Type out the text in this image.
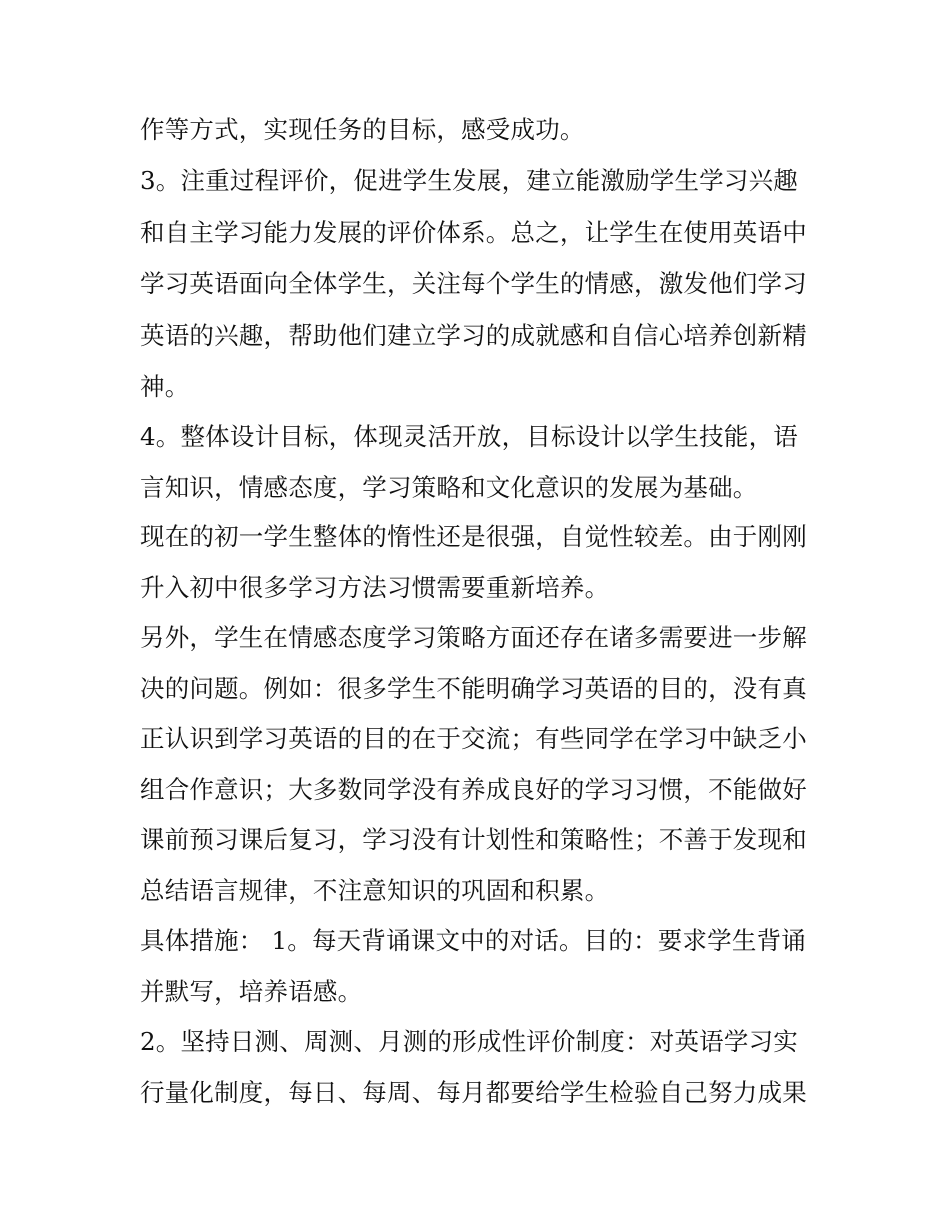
作等方式，实现任务的目标，感受成功。
3。注重过程评价，促进学生发展，建立能激励学生学习兴趣
和自主学习能力发展的评价体系。总之，让学生在使用英语中
学习英语面向全体学生，关注每个学生的情感，激发他们学习
英语的兴趣，帮助他们建立学习的成就感和自信心培养创新精
神。
4。整体设计目标，体现灵活开放，目标设计以学生技能，语
言知识，情感态度，学习策略和文化意识的发展为基础。
现在的初一学生整体的惰性还是很强，自觉性较差。由于刚刚
升入初中很多学习方法习惯需要重新培养。
另外，学生在情感态度学习策略方面还存在诸多需要进一步解
决的问题。例如：很多学生不能明确学习英语的目的，没有真
正认识到学习英语的目的在于交流；有些同学在学习中缺乏小
组合作意识；大多数同学没有养成良好的学习习惯，不能做好
课前预习课后复习，学习没有计划性和策略性；不善于发现和
总结语言规律，不注意知识的巩固和积累。
具体措施： 1。每天背诵课文中的对话。目的：要求学生背诵
并默写，培养语感。
2。坚持日测、周测、月测的形成性评价制度：对英语学习实
行量化制度，每日、每周、每月都要给学生检验自己努力成果
